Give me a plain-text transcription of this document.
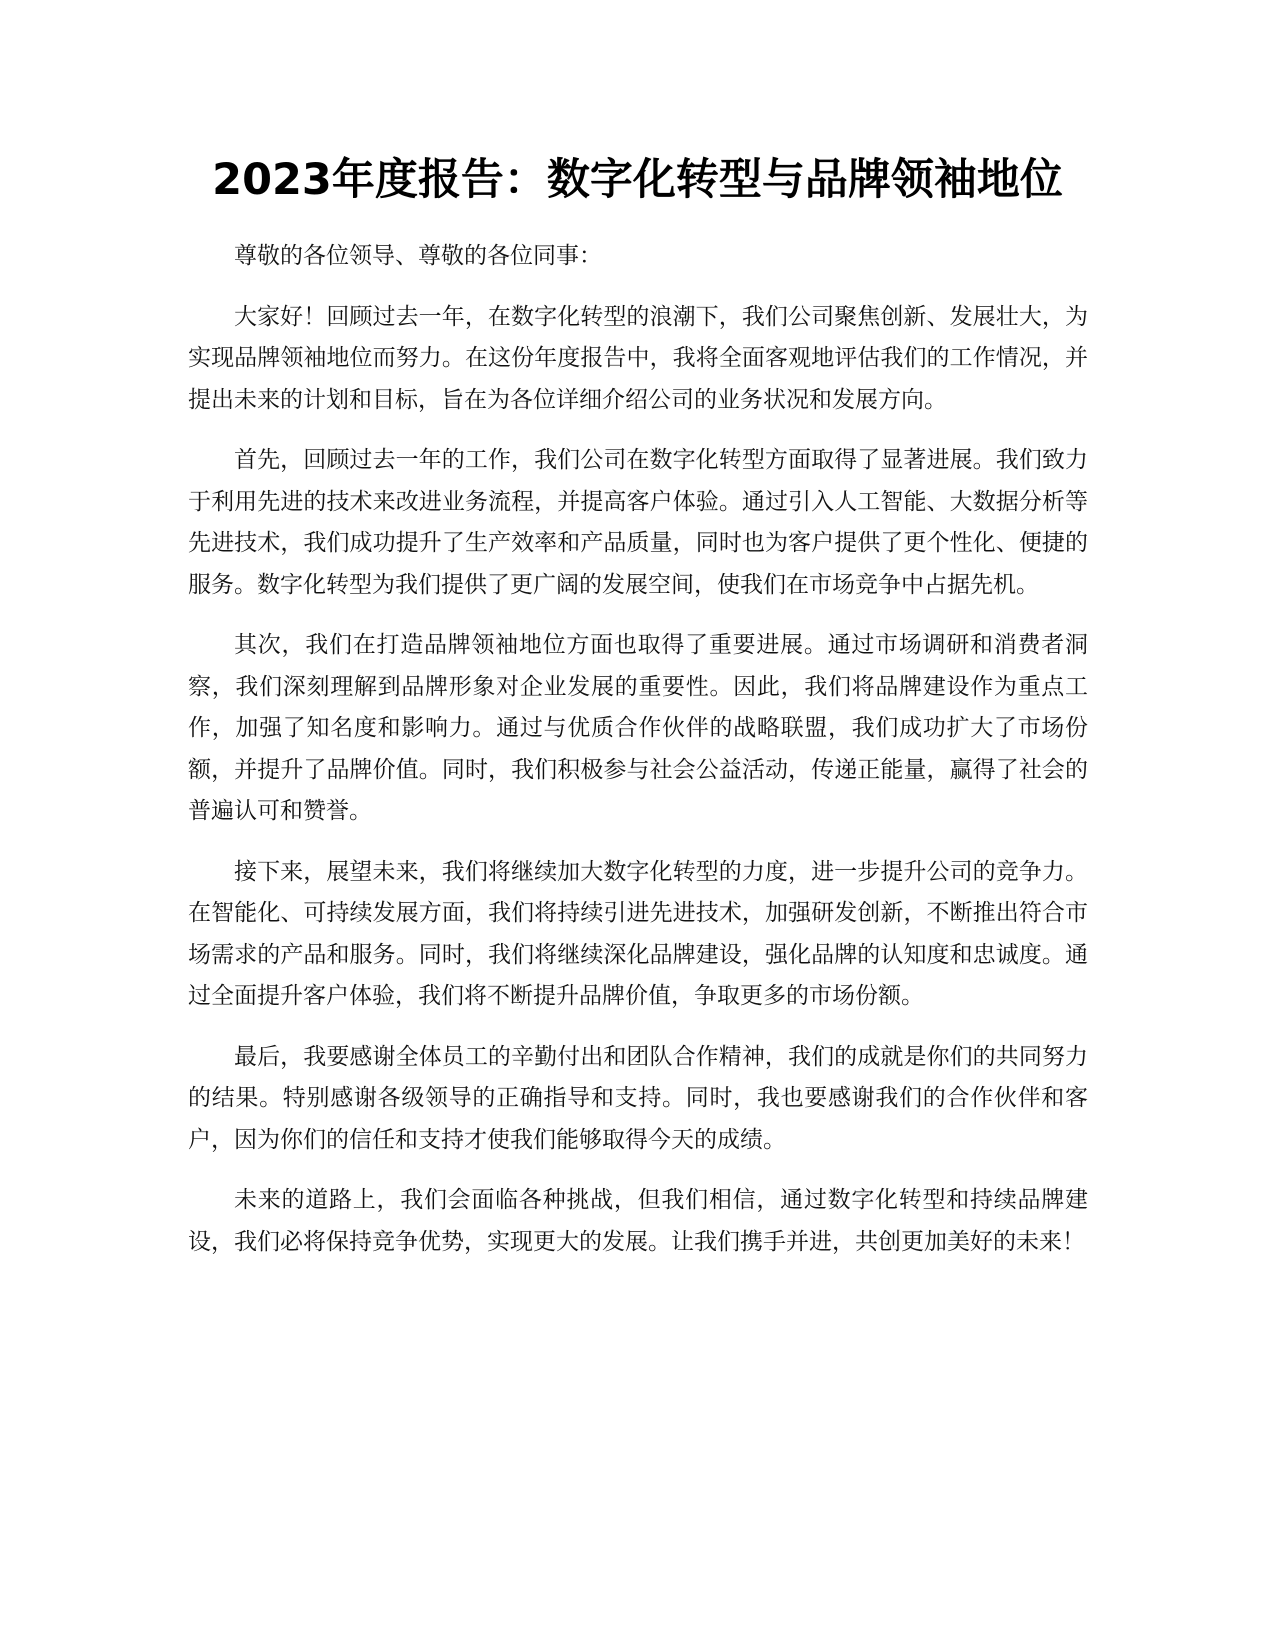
2023年度报告：数字化转型与品牌领袖地位

尊敬的各位领导、尊敬的各位同事：

大家好！回顾过去一年，在数字化转型的浪潮下，我们公司聚焦创新、发展壮大，为实现品牌领袖地位而努力。在这份年度报告中，我将全面客观地评估我们的工作情况，并提出未来的计划和目标，旨在为各位详细介绍公司的业务状况和发展方向。

首先，回顾过去一年的工作，我们公司在数字化转型方面取得了显著进展。我们致力于利用先进的技术来改进业务流程，并提高客户体验。通过引入人工智能、大数据分析等先进技术，我们成功提升了生产效率和产品质量，同时也为客户提供了更个性化、便捷的服务。数字化转型为我们提供了更广阔的发展空间，使我们在市场竞争中占据先机。

其次，我们在打造品牌领袖地位方面也取得了重要进展。通过市场调研和消费者洞察，我们深刻理解到品牌形象对企业发展的重要性。因此，我们将品牌建设作为重点工作，加强了知名度和影响力。通过与优质合作伙伴的战略联盟，我们成功扩大了市场份额，并提升了品牌价值。同时，我们积极参与社会公益活动，传递正能量，赢得了社会的普遍认可和赞誉。

接下来，展望未来，我们将继续加大数字化转型的力度，进一步提升公司的竞争力。在智能化、可持续发展方面，我们将持续引进先进技术，加强研发创新，不断推出符合市场需求的产品和服务。同时，我们将继续深化品牌建设，强化品牌的认知度和忠诚度。通过全面提升客户体验，我们将不断提升品牌价值，争取更多的市场份额。

最后，我要感谢全体员工的辛勤付出和团队合作精神，我们的成就是你们的共同努力的结果。特别感谢各级领导的正确指导和支持。同时，我也要感谢我们的合作伙伴和客户，因为你们的信任和支持才使我们能够取得今天的成绩。

未来的道路上，我们会面临各种挑战，但我们相信，通过数字化转型和持续品牌建设，我们必将保持竞争优势，实现更大的发展。让我们携手并进，共创更加美好的未来！
